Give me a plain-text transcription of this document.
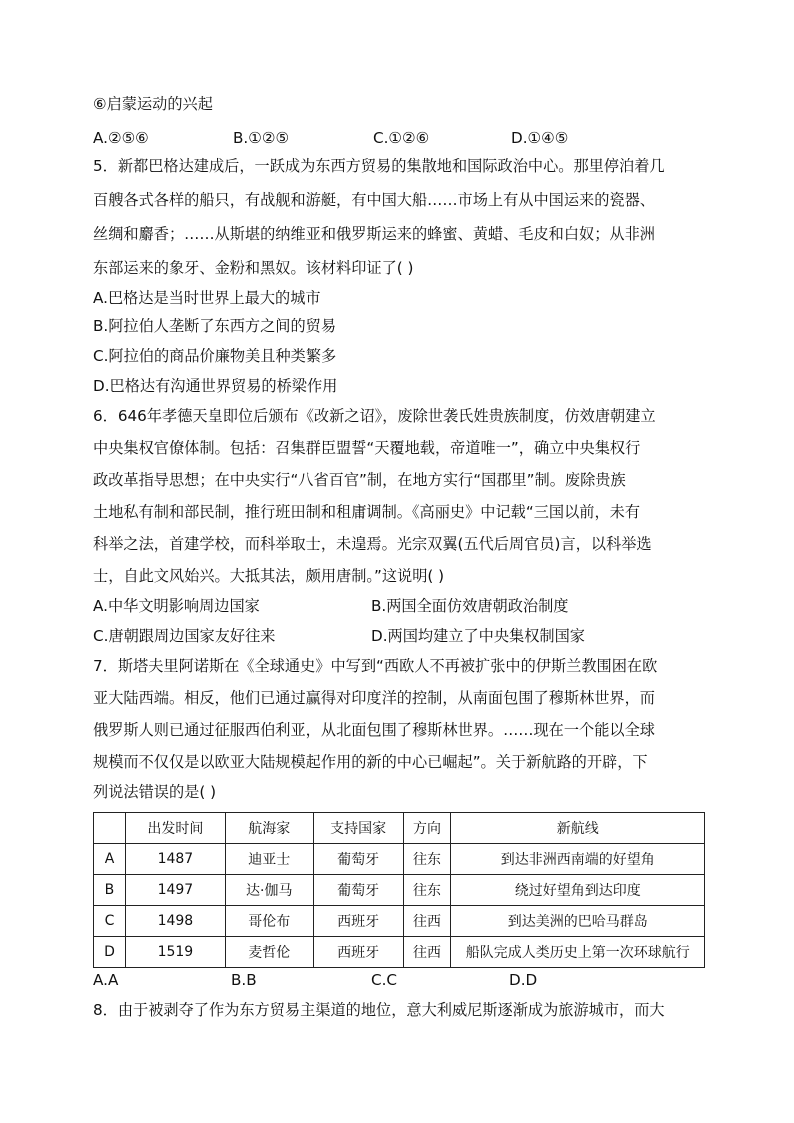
⑥启蒙运动的兴起
A.②⑤⑥	B.①②⑤	C.①②⑥	D.①④⑤
5．新都巴格达建成后，一跃成为东西方贸易的集散地和国际政治中心。那里停泊着几
百艘各式各样的船只，有战舰和游艇，有中国大船……市场上有从中国运来的瓷器、
丝绸和麝香；……从斯堪的纳维亚和俄罗斯运来的蜂蜜、黄蜡、毛皮和白奴；从非洲
东部运来的象牙、金粉和黑奴。该材料印证了( )
A.巴格达是当时世界上最大的城市
B.阿拉伯人垄断了东西方之间的贸易
C.阿拉伯的商品价廉物美且种类繁多
D.巴格达有沟通世界贸易的桥梁作用
6．646年孝德天皇即位后颁布《改新之诏》，废除世袭氏姓贵族制度，仿效唐朝建立
中央集权官僚体制。包括：召集群臣盟誓“天覆地载，帝道唯一”，确立中央集权行
政改革指导思想；在中央实行“八省百官”制，在地方实行“国郡里”制。废除贵族
土地私有制和部民制，推行班田制和租庸调制。《高丽史》中记载“三国以前，未有
科举之法，首建学校，而科举取士，未遑焉。光宗双翼(五代后周官员)言，以科举选
士，自此文风始兴。大抵其法，颇用唐制。”这说明( )
A.中华文明影响周边国家	B.两国全面仿效唐朝政治制度
C.唐朝跟周边国家友好往来	D.两国均建立了中央集权制国家
7．斯塔夫里阿诺斯在《全球通史》中写到“西欧人不再被扩张中的伊斯兰教围困在欧
亚大陆西端。相反，他们已通过赢得对印度洋的控制，从南面包围了穆斯林世界，而
俄罗斯人则已通过征服西伯利亚，从北面包围了穆斯林世界。……现在一个能以全球
规模而不仅仅是以欧亚大陆规模起作用的新的中心已崛起”。关于新航路的开辟，下
列说法错误的是( )
	出发时间	航海家	支持国家	方向	新航线
A	1487	迪亚士	葡萄牙	往东	到达非洲西南端的好望角
B	1497	达·伽马	葡萄牙	往东	绕过好望角到达印度
C	1498	哥伦布	西班牙	往西	到达美洲的巴哈马群岛
D	1519	麦哲伦	西班牙	往西	船队完成人类历史上第一次环球航行
A.A	B.B	C.C	D.D
8．由于被剥夺了作为东方贸易主渠道的地位，意大利威尼斯逐渐成为旅游城市，而大
